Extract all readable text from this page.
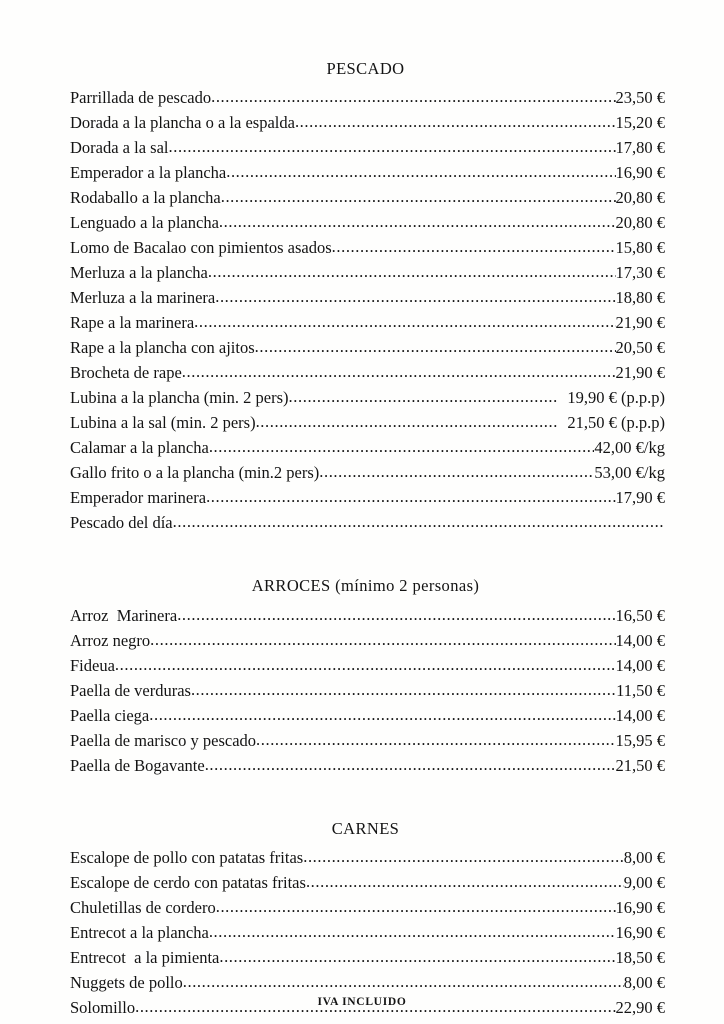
PESCADO
Parrillada de pescado .....	23,50 €
Dorada a la plancha o a la espalda .....	15,20 €
Dorada a la sal .....	17,80 €
Emperador a la plancha .....	16,90 €
Rodaballo a la plancha .....	20,80 €
Lenguado a la plancha .....	20,80 €
Lomo de Bacalao con pimientos asados .....	15,80 €
Merluza a la plancha .....	17,30 €
Merluza a la marinera .....	18,80 €
Rape a la marinera .....	21,90 €
Rape a la plancha con ajitos .....	20,50 €
Brocheta de rape .....	21,90 €
Lubina a la plancha (min. 2 pers) .....	19,90 € (p.p.p)
Lubina a la sal (min. 2 pers) .....	21,50 € (p.p.p)
Calamar a la plancha .....	42,00 €/kg
Gallo frito o a la plancha (min.2 pers) .....	53,00 €/kg
Emperador marinera .....	17,90 €
Pescado del día
.....
ARROCES (mínimo 2 personas)
Arroz  Marinera .....	16,50 €
Arroz negro .....	14,00 €
Fideua .....	14,00 €
Paella de verduras .....	11,50 €
Paella ciega .....	14,00 €
Paella de marisco y pescado .....	15,95 €
Paella de Bogavante .....	21,50 €
CARNES
Escalope de pollo con patatas fritas .....	8,00 €
Escalope de cerdo con patatas fritas .....	9,00 €
Chuletillas de cordero .....	16,90 €
Entrecot a la plancha .....	16,90 €
Entrecot  a la pimienta .....	18,50 €
Nuggets de pollo .....	8,00 €
Solomillo .....	22,90 €
IVA INCLUIDO
